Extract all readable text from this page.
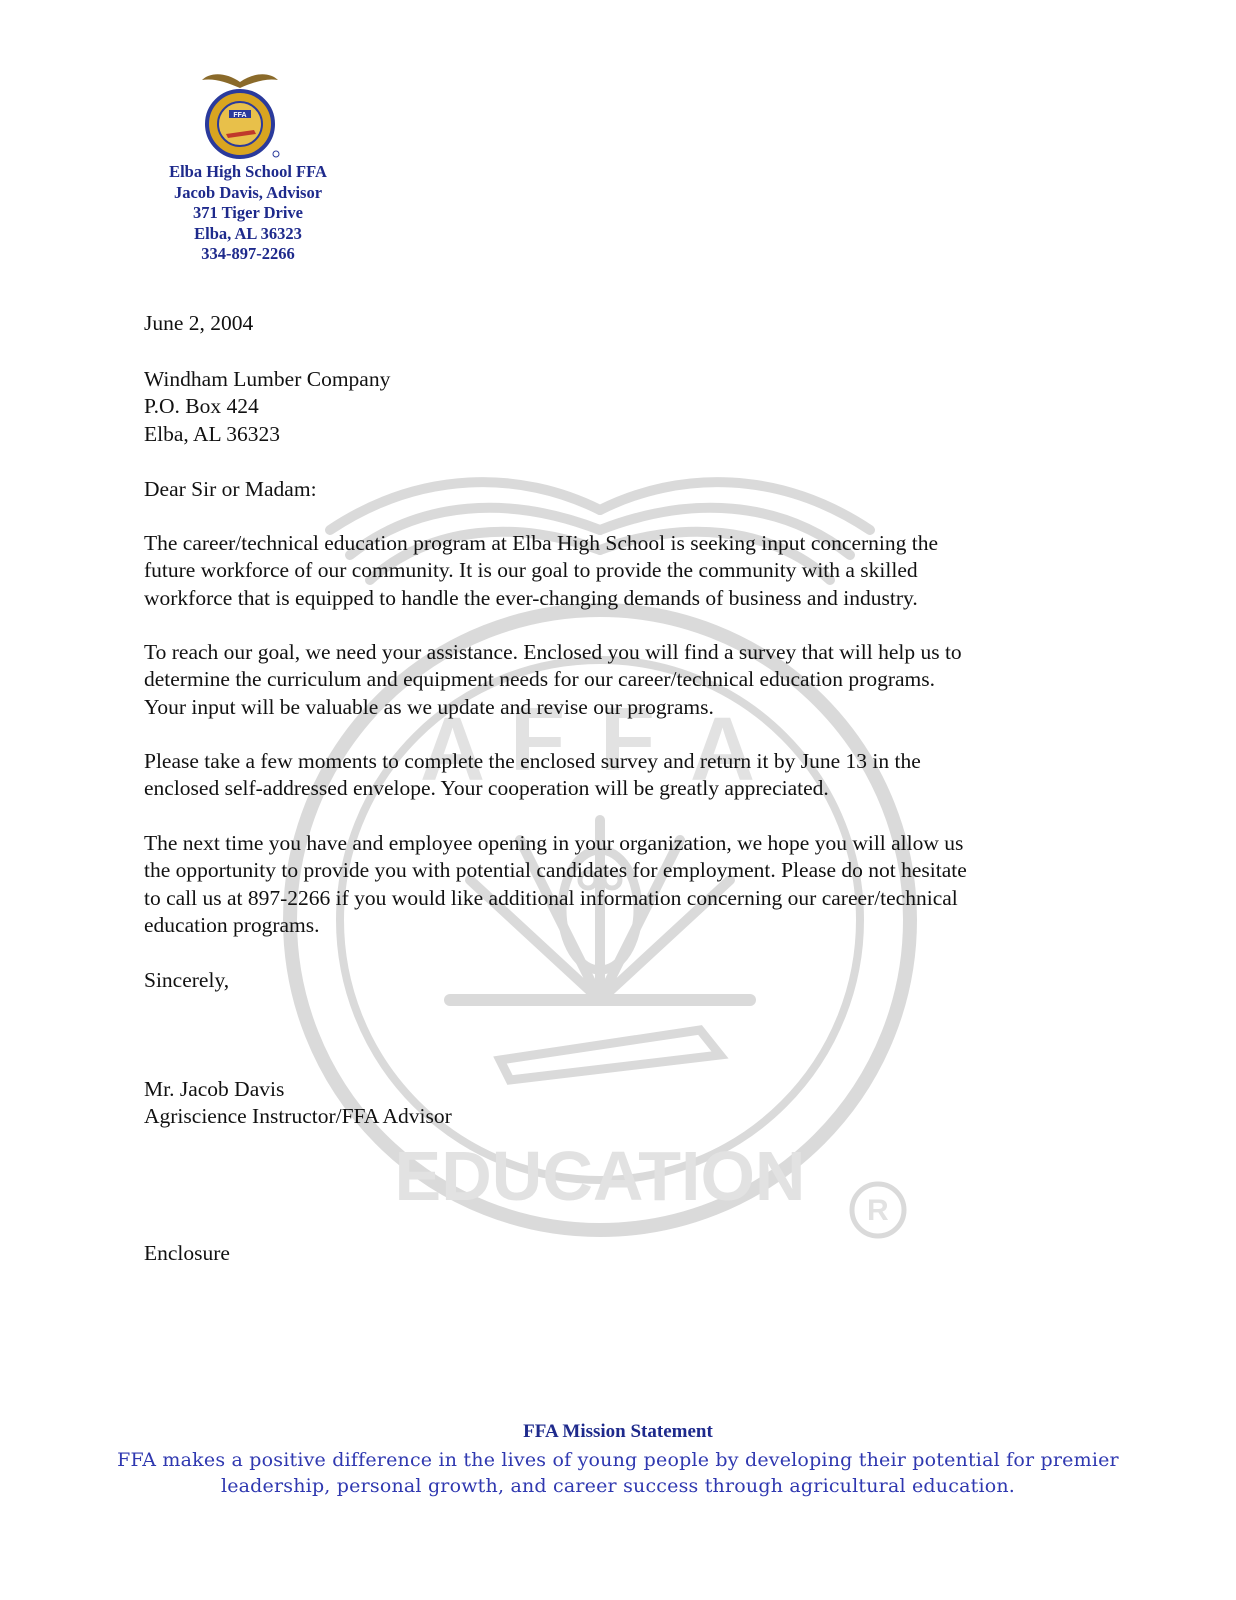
A F F A
EDUCATION R
FFA
Elba High School FFA
Jacob Davis, Advisor
371 Tiger Drive
Elba, AL 36323
334-897-2266
June 2, 2004
Windham Lumber Company
P.O. Box 424
Elba, AL 36323
Dear Sir or Madam:
The career/technical education program at Elba High School is seeking input concerning the
future workforce of our community. It is our goal to provide the community with a skilled
workforce that is equipped to handle the ever-changing demands of business and industry.
To reach our goal, we need your assistance. Enclosed you will find a survey that will help us to
determine the curriculum and equipment needs for our career/technical education programs.
Your input will be valuable as we update and revise our programs.
Please take a few moments to complete the enclosed survey and return it by June 13 in the
enclosed self-addressed envelope. Your cooperation will be greatly appreciated.
The next time you have and employee opening in your organization, we hope you will allow us
the opportunity to provide you with potential candidates for employment. Please do not hesitate
to call us at 897-2266 if you would like additional information concerning our career/technical
education programs.
Sincerely,
Mr. Jacob Davis
Agriscience Instructor/FFA Advisor
Enclosure
FFA Mission Statement
FFA makes a positive difference in the lives of young people by developing their potential for premier
leadership, personal growth, and career success through agricultural education.
